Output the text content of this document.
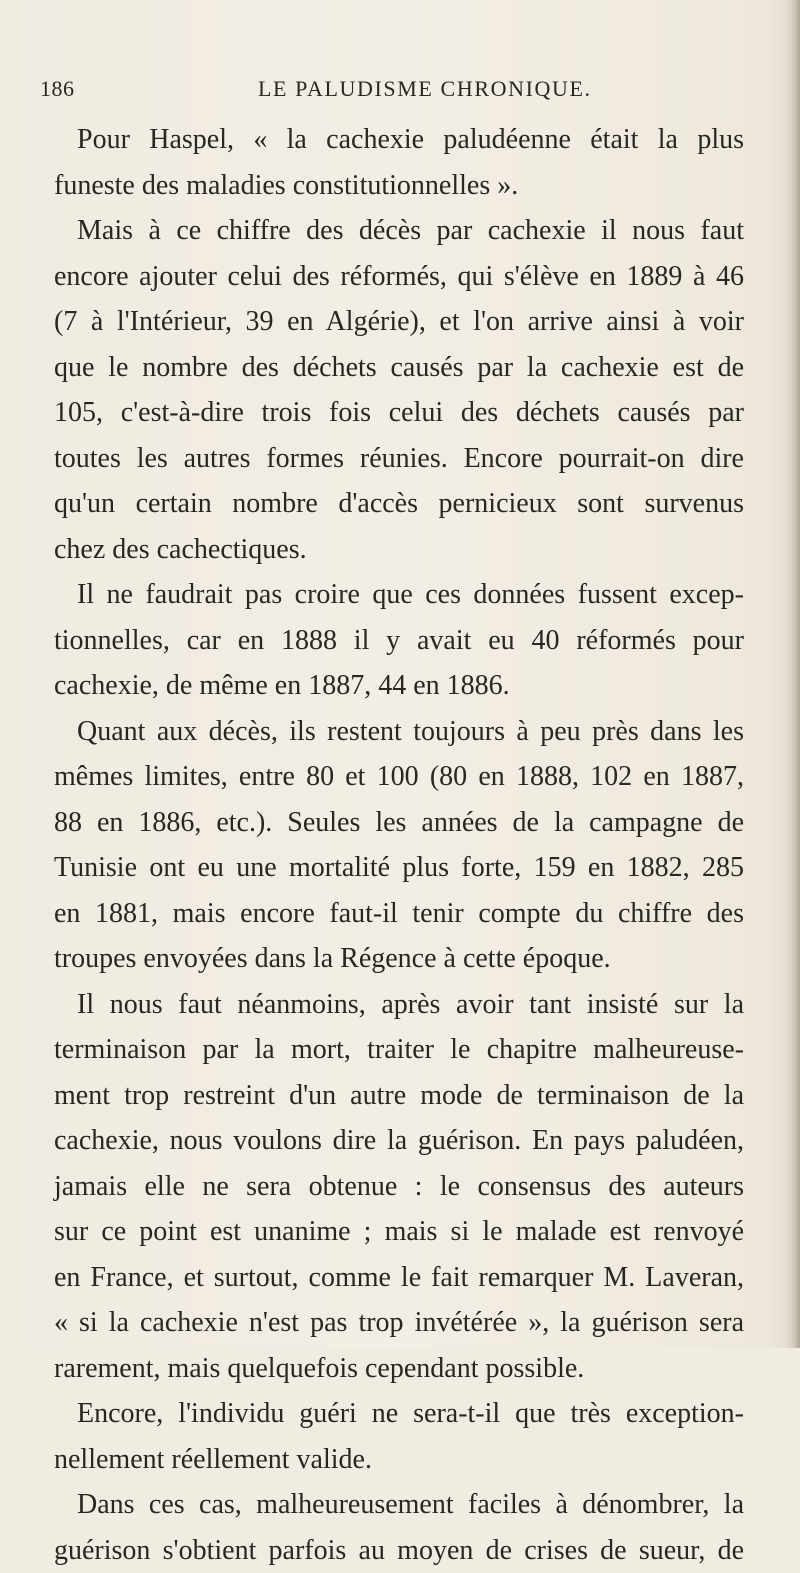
186	LE PALUDISME CHRONIQUE.
Pour Haspel, « la cachexie paludéenne était la plus
funeste des maladies constitutionnelles ».
Mais à ce chiffre des décès par cachexie il nous faut
encore ajouter celui des réformés, qui s'élève en 1889 à 46
(7 à l'Intérieur, 39 en Algérie), et l'on arrive ainsi à voir
que le nombre des déchets causés par la cachexie est de
105, c'est-à-dire trois fois celui des déchets causés par
toutes les autres formes réunies. Encore pourrait-on dire
qu'un certain nombre d'accès pernicieux sont survenus
chez des cachectiques.
Il ne faudrait pas croire que ces données fussent excep-
tionnelles, car en 1888 il y avait eu 40 réformés pour
cachexie, de même en 1887, 44 en 1886.
Quant aux décès, ils restent toujours à peu près dans les
mêmes limites, entre 80 et 100 (80 en 1888, 102 en 1887,
88 en 1886, etc.). Seules les années de la campagne de
Tunisie ont eu une mortalité plus forte, 159 en 1882, 285
en 1881, mais encore faut-il tenir compte du chiffre des
troupes envoyées dans la Régence à cette époque.
Il nous faut néanmoins, après avoir tant insisté sur la
terminaison par la mort, traiter le chapitre malheureuse-
ment trop restreint d'un autre mode de terminaison de la
cachexie, nous voulons dire la guérison. En pays paludéen,
jamais elle ne sera obtenue : le consensus des auteurs
sur ce point est unanime ; mais si le malade est renvoyé
en France, et surtout, comme le fait remarquer M. Laveran,
« si la cachexie n'est pas trop invétérée », la guérison sera
rarement, mais quelquefois cependant possible.
Encore, l'individu guéri ne sera-t-il que très exception-
nellement réellement valide.
Dans ces cas, malheureusement faciles à dénombrer, la
guérison s'obtient parfois au moyen de crises de sueur, de
